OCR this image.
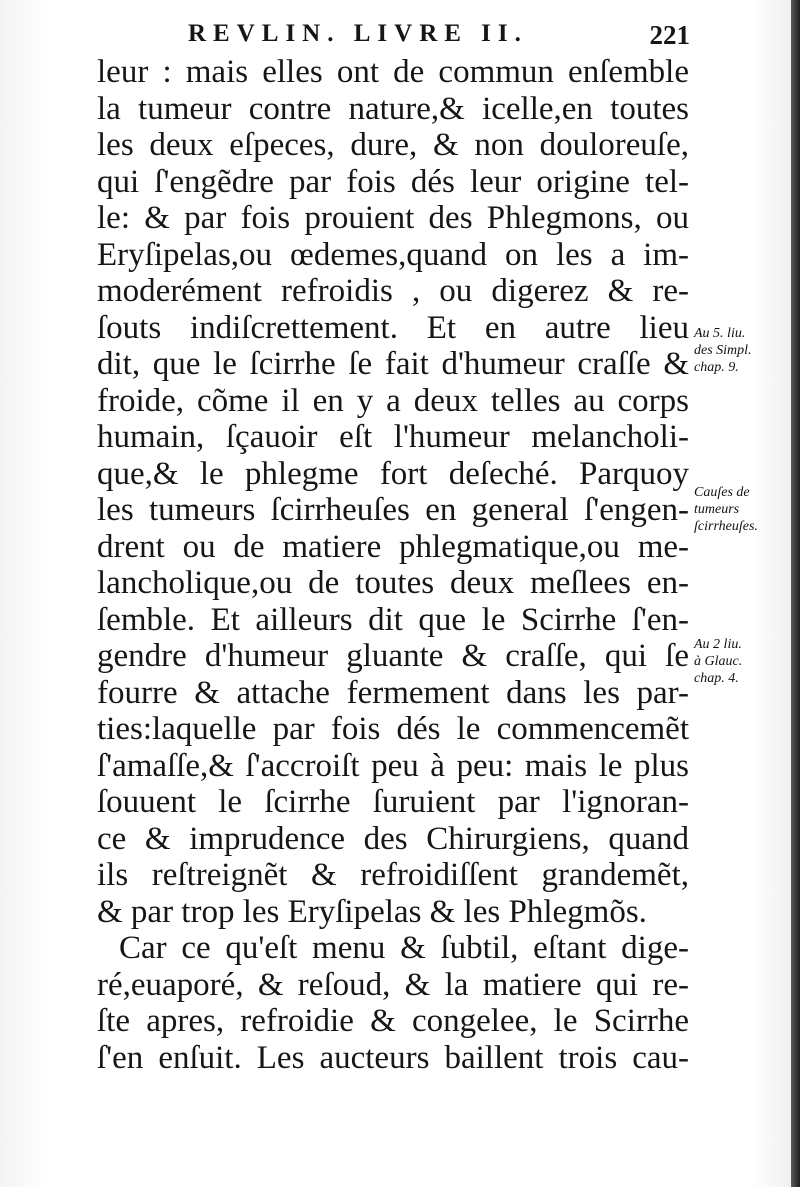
REVLIN. LIVRE II.	221
leur : mais elles ont de commun enſemble
la tumeur contre nature,& icelle,en toutes
les deux eſpeces, dure, & non douloreuſe,
qui ſ'engẽdre par fois dés leur origine tel-
le: & par fois prouient des Phlegmons, ou
Eryſipelas,ou œdemes,quand on les a im-
moderément refroidis , ou digerez & re-
ſouts indiſcrettement. Et en autre lieu
dit, que le ſcirrhe ſe fait d'humeur craſſe &
froide, cõme il en y a deux telles au corps
humain, ſçauoir eſt l'humeur melancholi-
que,& le phlegme fort deſeché. Parquoy
les tumeurs ſcirrheuſes en general ſ'engen-
drent ou de matiere phlegmatique,ou me-
lancholique,ou de toutes deux meſlees en-
ſemble. Et ailleurs dit que le Scirrhe ſ'en-
gendre d'humeur gluante & craſſe, qui ſe
fourre & attache fermement dans les par-
ties:laquelle par fois dés le commencemẽt
ſ'amaſſe,& ſ'accroiſt peu à peu: mais le plus
ſouuent le ſcirrhe ſuruient par l'ignoran-
ce & imprudence des Chirurgiens, quand
ils reſtreignẽt & refroidiſſent grandemẽt,
& par trop les Eryſipelas & les Phlegmõs.
Car ce qu'eſt menu & ſubtil, eſtant dige-
ré,euaporé, & reſoud, & la matiere qui re-
ſte apres, refroidie & congelee, le Scirrhe
ſ'en enſuit. Les aucteurs baillent trois cau-
Au 5. liu.
des Simpl.
chap. 9.
Cauſes de
tumeurs
ſcirrheuſes.
Au 2 liu.
à Glauc.
chap. 4.
